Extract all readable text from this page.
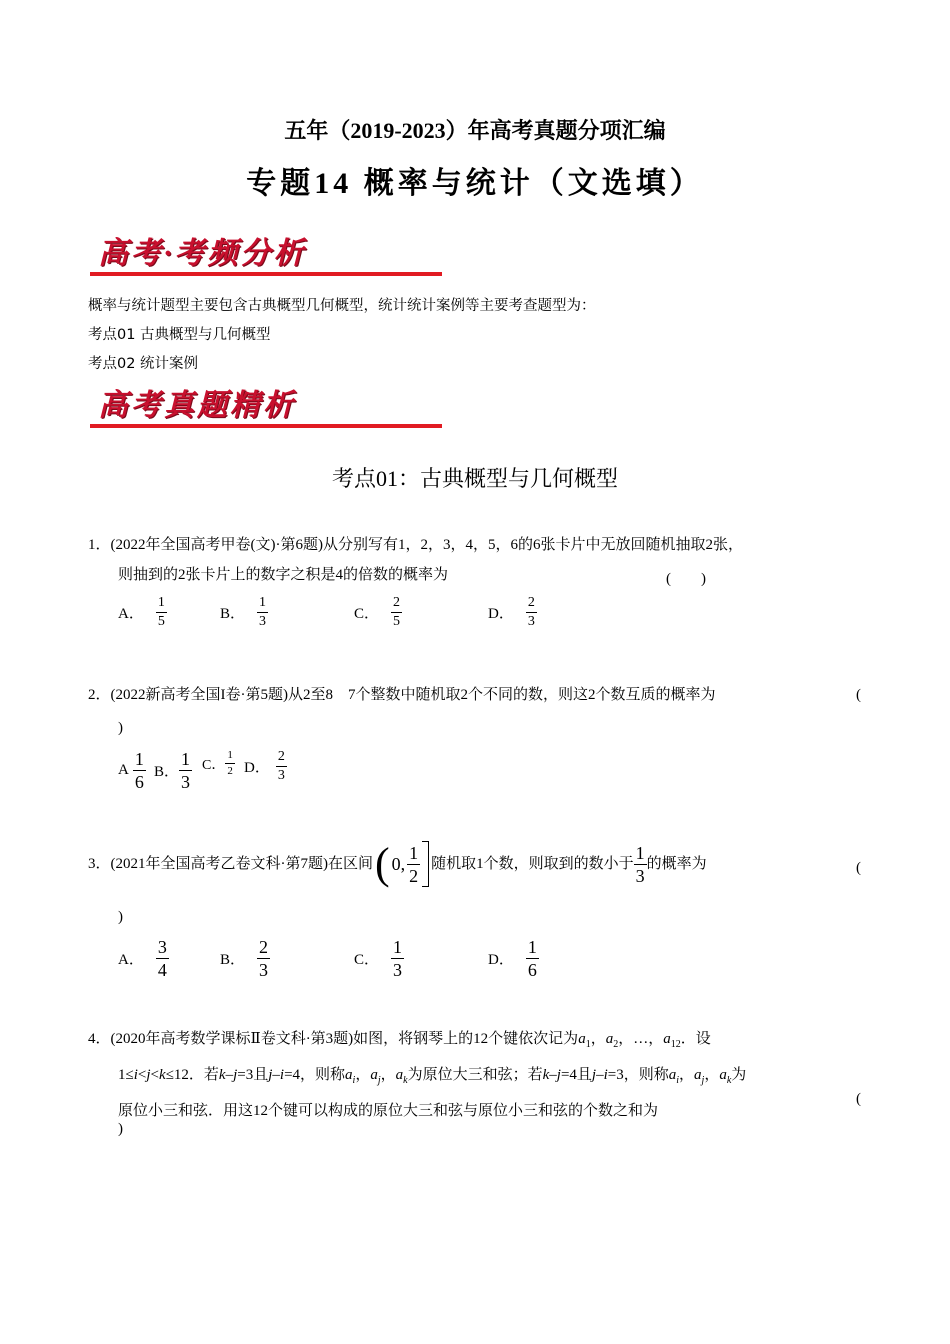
五年（2019-2023）年高考真题分项汇编
专题14 概率与统计（文选填）
高考·考频分析
概率与统计题型主要包含古典概型几何概型，统计统计案例等主要考查题型为：
考点01 古典概型与几何概型
考点02 统计案例
高考真题精析
考点01：古典概型与几何概型
1．(2022年全国高考甲卷(文)·第6题)从分别写有1，2，3，4，5，6的6张卡片中无放回随机抽取2张，
则抽到的2张卡片上的数字之积是4的倍数的概率为	(　　)
A． $\frac{1}{5}$	B． $\frac{1}{3}$	C． $\frac{2}{5}$	D． $\frac{2}{3}$
2．(2022新高考全国I卷·第5题)从2至8　7个整数中随机取2个不同的数，则这2个数互质的概率为	(
)
A $\frac{1}{6}$ B． $\frac{1}{3}$ C． $\frac{1}{2}$ D． $\frac{2}{3}$
3．(2021年全国高考乙卷文科·第7题)在区间 ( 0, $\frac{1}{2}$ 随机取1个数，则取到的数小于 $\frac{1}{3}$ 的概率为	(
)
A． $\frac{3}{4}$	B． $\frac{2}{3}$	C． $\frac{1}{3}$	D． $\frac{1}{6}$
4．(2020年高考数学课标Ⅱ卷文科·第3题)如图，将钢琴上的12个键依次记为$a_1$，$a_2$，…，$a_{12}$．设
1≤i<j<k≤12．若k–j=3且j–i=4，则称$a_i$，$a_j$，$a_k$为原位大三和弦；若k–j=4且j–i=3，则称$a_i$，$a_j$，$a_k$为
原位小三和弦．用这12个键可以构成的原位大三和弦与原位小三和弦的个数之和为
(
)
